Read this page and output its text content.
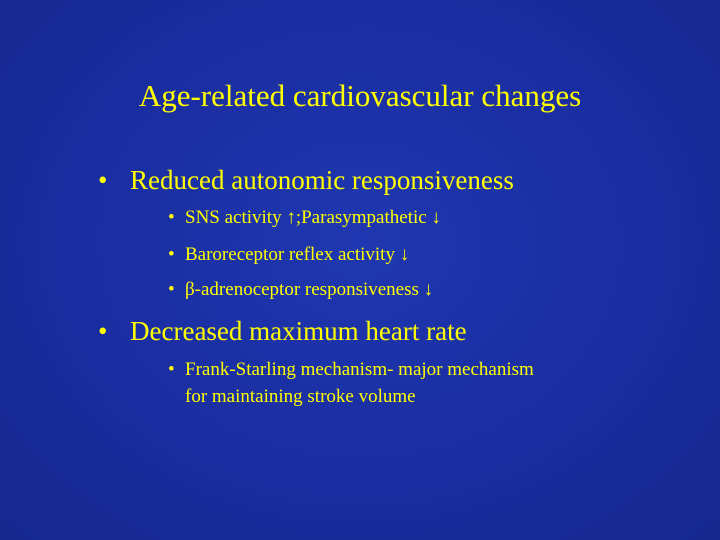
Age-related cardiovascular changes
• Reduced autonomic responsiveness
• SNS activity ↑;Parasympathetic ↓
• Baroreceptor reflex activity ↓
• β-adrenoceptor responsiveness ↓
• Decreased maximum heart rate
• Frank-Starling mechanism- major mechanism
for maintaining stroke volume
